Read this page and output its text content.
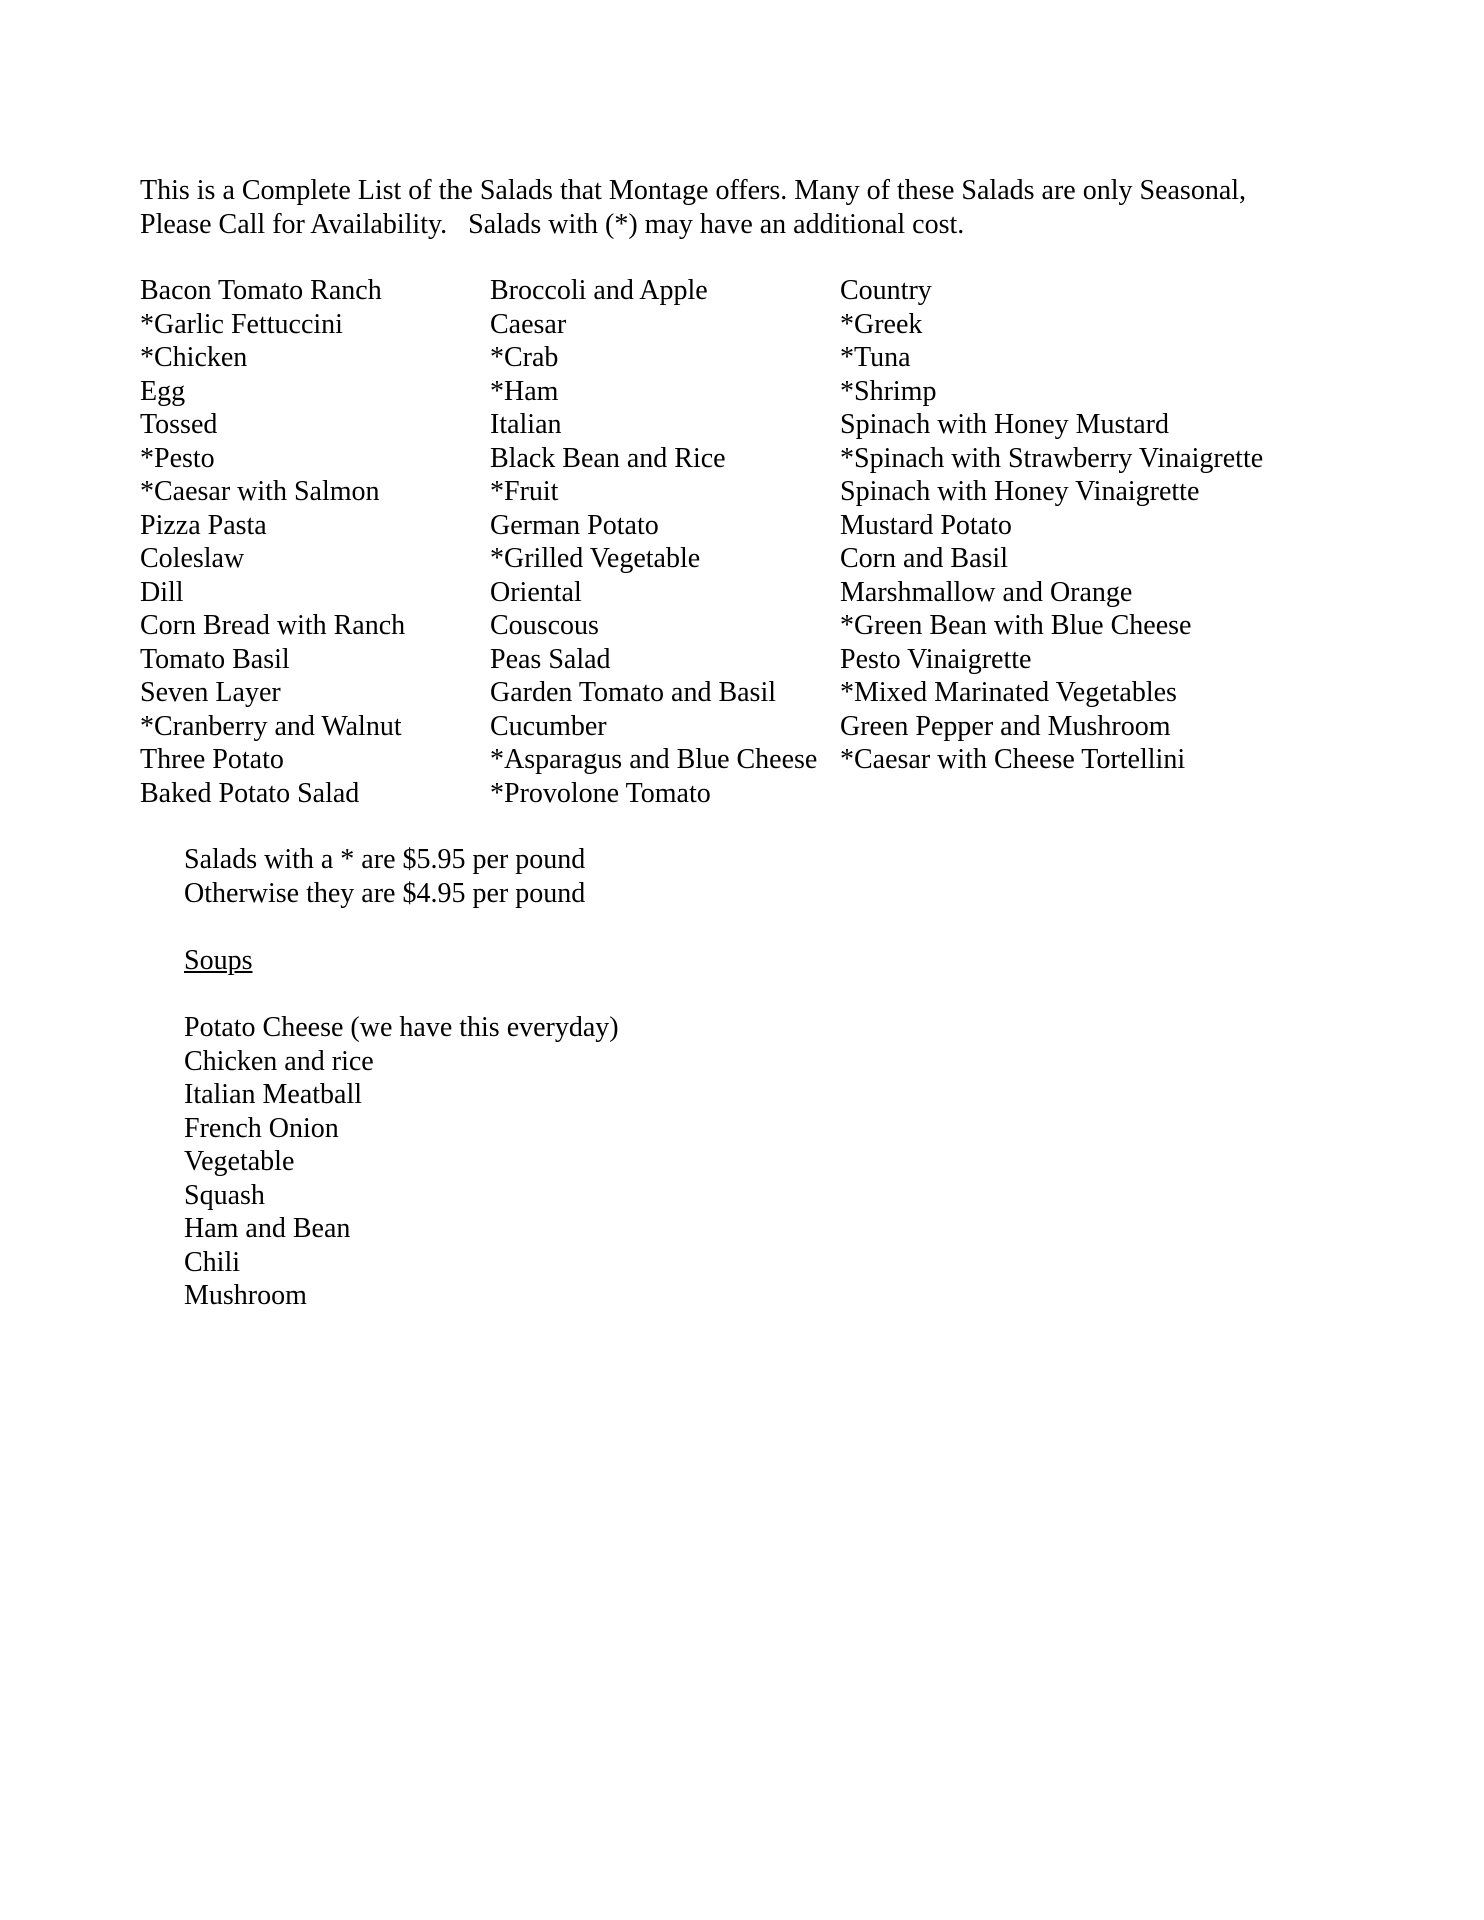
This is a Complete List of the Salads that Montage offers. Many of these Salads are only Seasonal,
Please Call for Availability.   Salads with (*) may have an additional cost.
Bacon Tomato Ranch
*Garlic Fettuccini
*Chicken
Egg
Tossed
*Pesto
*Caesar with Salmon
Pizza Pasta
Coleslaw
Dill
Corn Bread with Ranch
Tomato Basil
Seven Layer
*Cranberry and Walnut
Three Potato
Baked Potato Salad
Broccoli and Apple
Caesar
*Crab
*Ham
Italian
Black Bean and Rice
*Fruit
German Potato
*Grilled Vegetable
Oriental
Couscous
Peas Salad
Garden Tomato and Basil
Cucumber
*Asparagus and Blue Cheese
*Provolone Tomato
Country
*Greek
*Tuna
*Shrimp
Spinach with Honey Mustard
*Spinach with Strawberry Vinaigrette
Spinach with Honey Vinaigrette
Mustard Potato
Corn and Basil
Marshmallow and Orange
*Green Bean with Blue Cheese
Pesto Vinaigrette
*Mixed Marinated Vegetables
Green Pepper and Mushroom
*Caesar with Cheese Tortellini
Salads with a * are $5.95 per pound
Otherwise they are $4.95 per pound
Soups
Potato Cheese (we have this everyday)
Chicken and rice
Italian Meatball
French Onion
Vegetable
Squash
Ham and Bean
Chili
Mushroom
